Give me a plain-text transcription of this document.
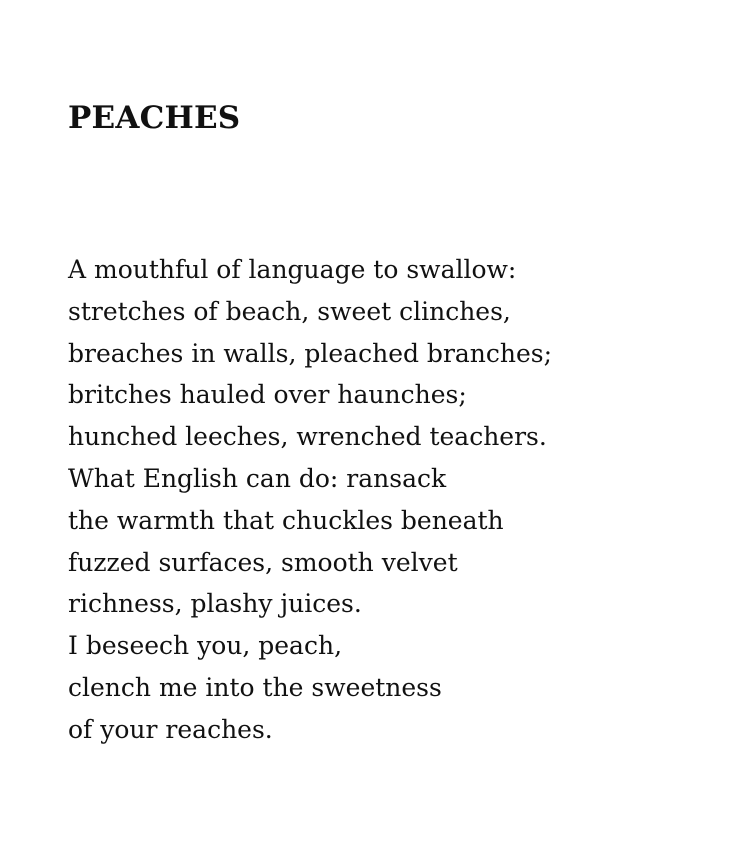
PEACHES
A mouthful of language to swallow:
stretches of beach, sweet clinches,
breaches in walls, pleached branches;
britches hauled over haunches;
hunched leeches, wrenched teachers.
What English can do: ransack
the warmth that chuckles beneath
fuzzed surfaces, smooth velvet
richness, plashy juices.
I beseech you, peach,
clench me into the sweetness
of your reaches.
